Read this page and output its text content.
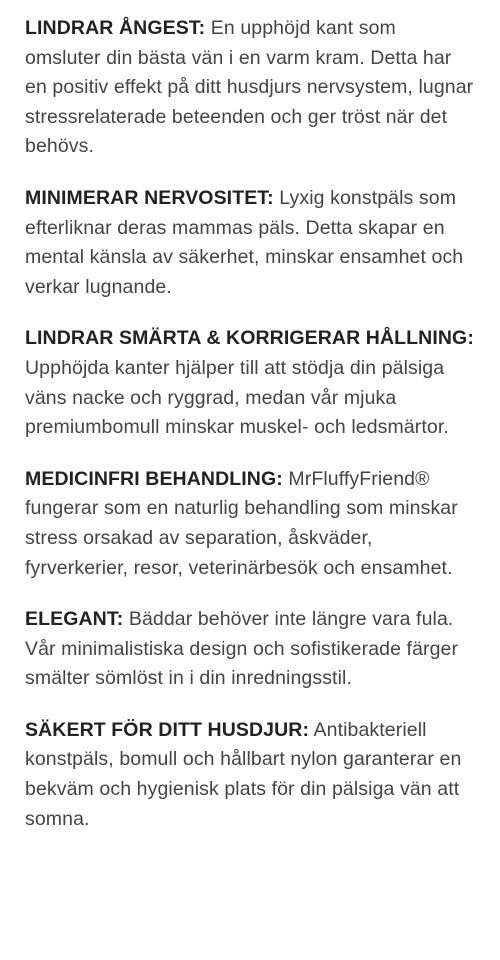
LINDRAR ÅNGEST: En upphöjd kant som omsluter din bästa vän i en varm kram. Detta har en positiv effekt på ditt husdjurs nervsystem, lugnar stressrelaterade beteenden och ger tröst när det behövs.

MINIMERAR NERVOSITET: Lyxig konstpäls som efterliknar deras mammas päls. Detta skapar en mental känsla av säkerhet, minskar ensamhet och verkar lugnande.

LINDRAR SMÄRTA & KORRIGERAR HÅLLNING: Upphöjda kanter hjälper till att stödja din pälsiga väns nacke och ryggrad, medan vår mjuka premiumbomull minskar muskel- och ledsmärtor.

MEDICINFRI BEHANDLING: MrFluffyFriend® fungerar som en naturlig behandling som minskar stress orsakad av separation, åskväder, fyrverkerier, resor, veterinärbesök och ensamhet.

ELEGANT: Bäddar behöver inte längre vara fula. Vår minimalistiska design och sofistikerade färger smälter sömlöst in i din inredningsstil.

SÄKERT FÖR DITT HUSDJUR: Antibakteriell konstpäls, bomull och hållbart nylon garanterar en bekväm och hygienisk plats för din pälsiga vän att somna.
